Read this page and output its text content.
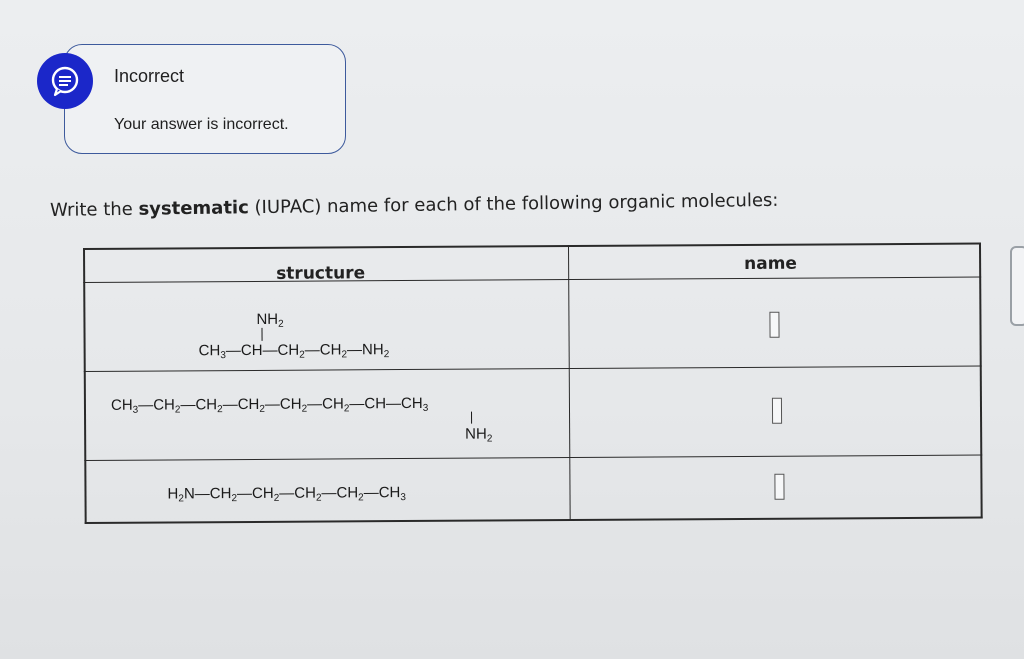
Incorrect
Your answer is incorrect.
Write the systematic (IUPAC) name for each of the following organic molecules:
structure	name
$NH_2$
$CH_3—CH—CH_2—CH_2—NH_2$
$CH_3—CH_2—CH_2—CH_2—CH_2—CH_2—CH—CH_3$
$NH_2$
$H_2N—CH_2—CH_2—CH_2—CH_2—CH_3$
